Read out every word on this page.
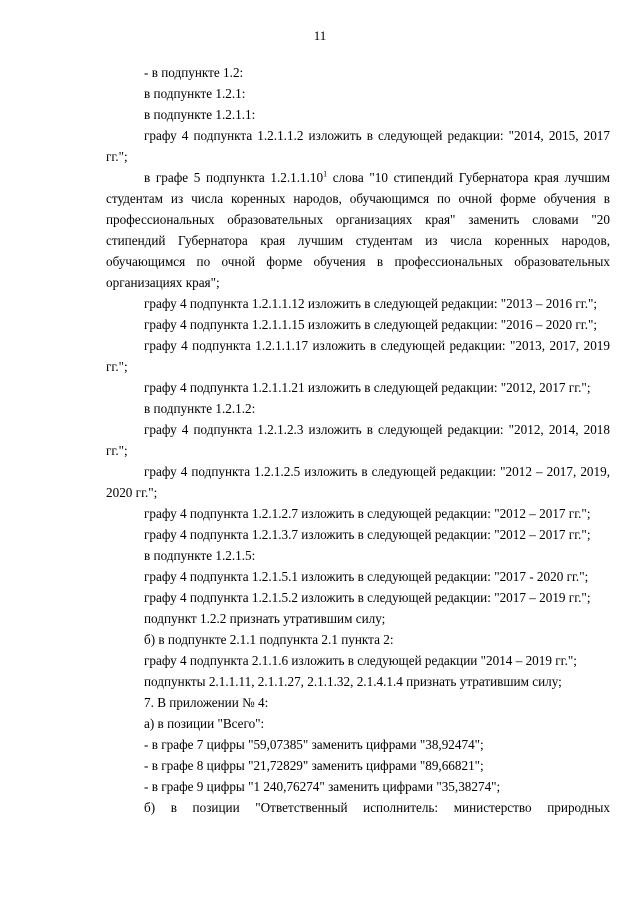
11

- в подпункте 1.2:

в подпункте 1.2.1:

в подпункте 1.2.1.1:

графу 4 подпункта 1.2.1.1.2 изложить в следующей редакции: "2014, 2015, 2017 гг.";

в графе 5 подпункта 1.2.1.1.10$^1$ слова "10 стипендий Губернатора края лучшим студентам из числа коренных народов, обучающимся по очной форме обучения в профессиональных образовательных организациях края" заменить словами "20 стипендий Губернатора края лучшим студентам из числа коренных народов, обучающимся по очной форме обучения в профессиональных образовательных организациях края";

графу 4 подпункта 1.2.1.1.12 изложить в следующей редакции: "2013 – 2016 гг.";

графу 4 подпункта 1.2.1.1.15 изложить в следующей редакции: "2016 – 2020 гг.";

графу 4 подпункта 1.2.1.1.17 изложить в следующей редакции: "2013, 2017, 2019 гг.";

графу 4 подпункта 1.2.1.1.21 изложить в следующей редакции: "2012, 2017 гг.";

в подпункте 1.2.1.2:

графу 4 подпункта 1.2.1.2.3 изложить в следующей редакции: "2012, 2014, 2018 гг.";

графу 4 подпункта 1.2.1.2.5 изложить в следующей редакции: "2012 – 2017, 2019, 2020 гг.";

графу 4 подпункта 1.2.1.2.7 изложить в следующей редакции: "2012 – 2017 гг.";

графу 4 подпункта 1.2.1.3.7 изложить в следующей редакции: "2012 – 2017 гг.";

в подпункте 1.2.1.5:

графу 4 подпункта 1.2.1.5.1 изложить в следующей редакции: "2017 - 2020 гг.";

графу 4 подпункта 1.2.1.5.2 изложить в следующей редакции: "2017 – 2019 гг.";

подпункт 1.2.2 признать утратившим силу;

б) в подпункте 2.1.1 подпункта 2.1 пункта 2:

графу 4 подпункта 2.1.1.6 изложить в следующей редакции "2014 – 2019 гг.";

подпункты 2.1.1.11, 2.1.1.27, 2.1.1.32, 2.1.4.1.4 признать утратившим силу;

7. В приложении № 4:

а) в позиции "Всего":

- в графе 7 цифры "59,07385" заменить цифрами "38,92474";

- в графе 8 цифры "21,72829" заменить цифрами "89,66821";

- в графе 9 цифры "1 240,76274" заменить цифрами "35,38274";

б) в позиции "Ответственный исполнитель: министерство природных
